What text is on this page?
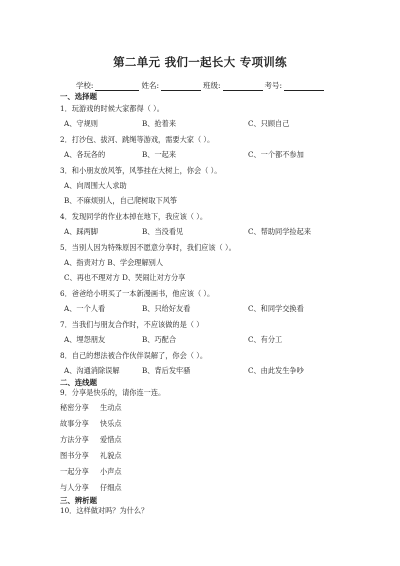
第二单元 我们一起长大 专项训练
学校:	姓名:	班级:	考号:

一、选择题

1．玩游戏的时候大家都得（ ）。

A、守规则	B、抢着来	C、只顾自己

2．打沙包、拔河、跳绳等游戏，需要大家（ ）。

A、各玩各的	B、一起来	C、一个都不参加

3．和小朋友放风筝，风筝挂在大树上，你会（ ）。

A、向周围大人求助

B、不麻烦别人，自己爬树取下风筝

4．发现同学的作业本掉在地下，我应该（ ）。

A、踩两脚	B、当没看见	C、帮助同学捡起来

5．当别人因为特殊原因不愿意分享时，我们应该（ ）。

A、指责对方 B、学会理解别人

C、再也不理对方 D、哭闹让对方分享

6．爸爸给小明买了一本新漫画书，他应该（ ）。

A、一个人看	B、只给好友看	C、和同学交换看

7．当我们与朋友合作时，不应该做的是（ ）

A、埋怨朋友	B、巧配合	C、有分工

8．自己的想法被合作伙伴误解了，你会（ ）。

A、沟通消除误解	B、背后发牢骚	C、由此发生争吵

二、连线题

9．分享是快乐的，请你连一连。

秘密分享	生动点
故事分享	快乐点
方法分享	爱惜点
图书分享	礼貌点
一起分享	小声点
与人分享	仔细点

三、辨析题

10．这样做对吗？为什么？
